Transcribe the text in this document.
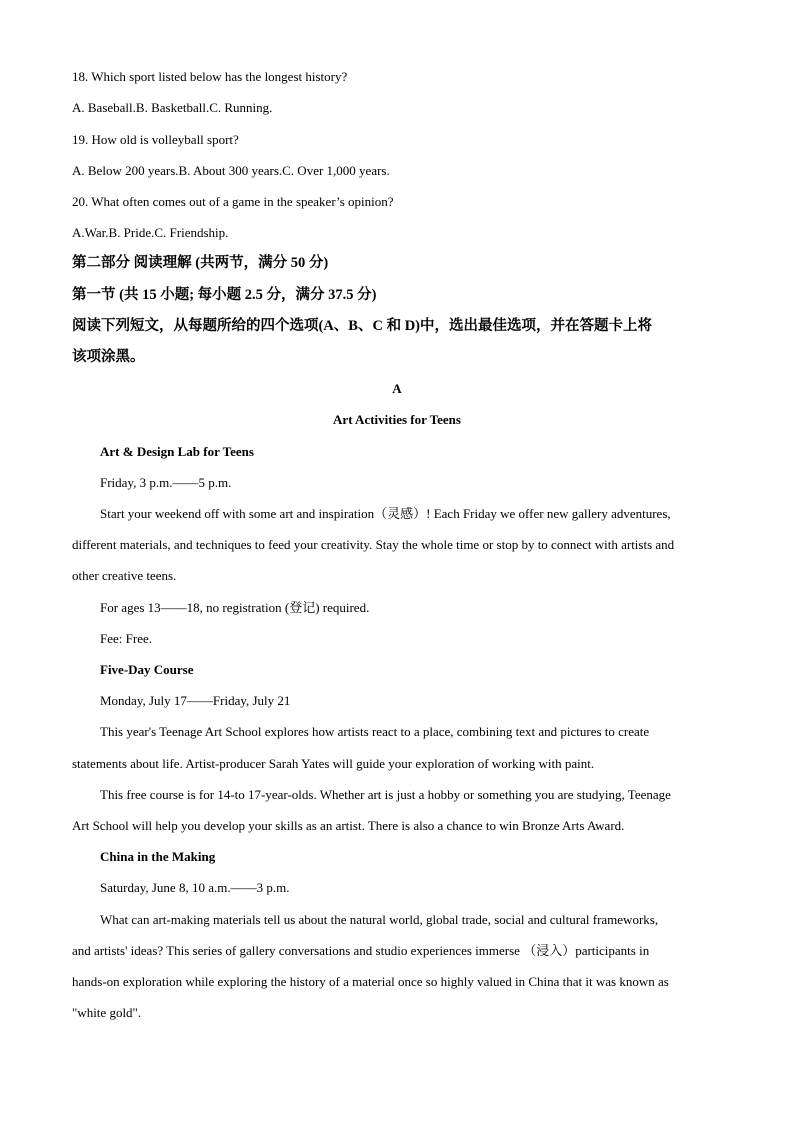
18. Which sport listed below has the longest history?
A. Baseball.B. Basketball.C. Running.
19. How old is volleyball sport?
A. Below 200 years.B. About 300 years.C. Over 1,000 years.
20. What often comes out of a game in the speaker’s opinion?
A.War.B. Pride.C. Friendship.
第二部分 阅读理解 (共两节，满分 50 分)
第一节 (共 15 小题; 每小题 2.5 分，满分 37.5 分)
阅读下列短文，从每题所给的四个选项(A、B、C 和 D)中，选出最佳选项，并在答题卡上将
该项涂黑。
A
Art Activities for Teens
Art & Design Lab for Teens
Friday, 3 p.m.——5 p.m.
Start your weekend off with some art and inspiration（灵感）! Each Friday we offer new gallery adventures,
different materials, and techniques to feed your creativity. Stay the whole time or stop by to connect with artists and
other creative teens.
For ages 13——18, no registration (登记) required.
Fee: Free.
Five-Day Course
Monday, July 17——Friday, July 21
This year's Teenage Art School explores how artists react to a place, combining text and pictures to create
statements about life. Artist-producer Sarah Yates will guide your exploration of working with paint.
This free course is for 14-to 17-year-olds. Whether art is just a hobby or something you are studying, Teenage
Art School will help you develop your skills as an artist. There is also a chance to win Bronze Arts Award.
China in the Making
Saturday, June 8, 10 a.m.——3 p.m.
What can art-making materials tell us about the natural world, global trade, social and cultural frameworks,
and artists' ideas? This series of gallery conversations and studio experiences immerse （浸入）participants in
hands-on exploration while exploring the history of a material once so highly valued in China that it was known as
"white gold".
